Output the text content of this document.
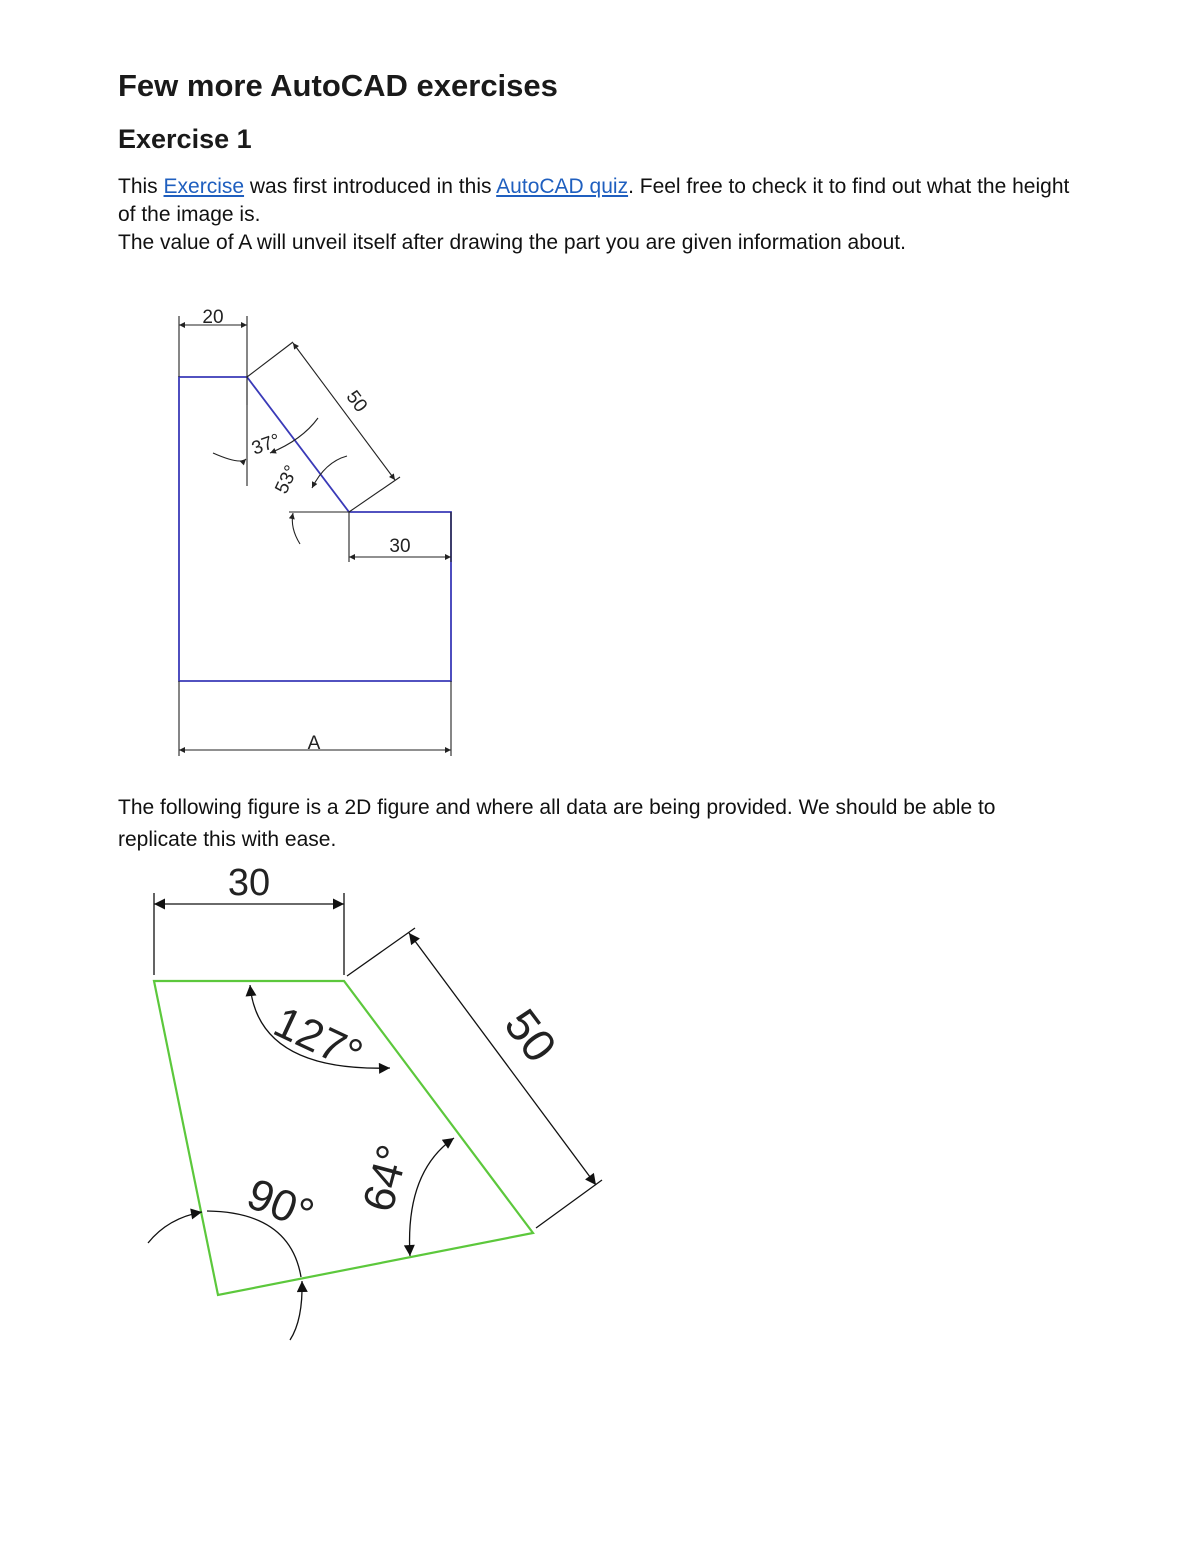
Few more AutoCAD exercises
Exercise 1

This Exercise was first introduced in this AutoCAD quiz. Feel free to check it to find out what the height of the image is.

The value of A will unveil itself after drawing the part you are given information about.

The following figure is a 2D figure and where all data are being provided. We should be able to replicate this with ease.

20
50
37°
53°
30
A
30
50
127°
64°
90°
